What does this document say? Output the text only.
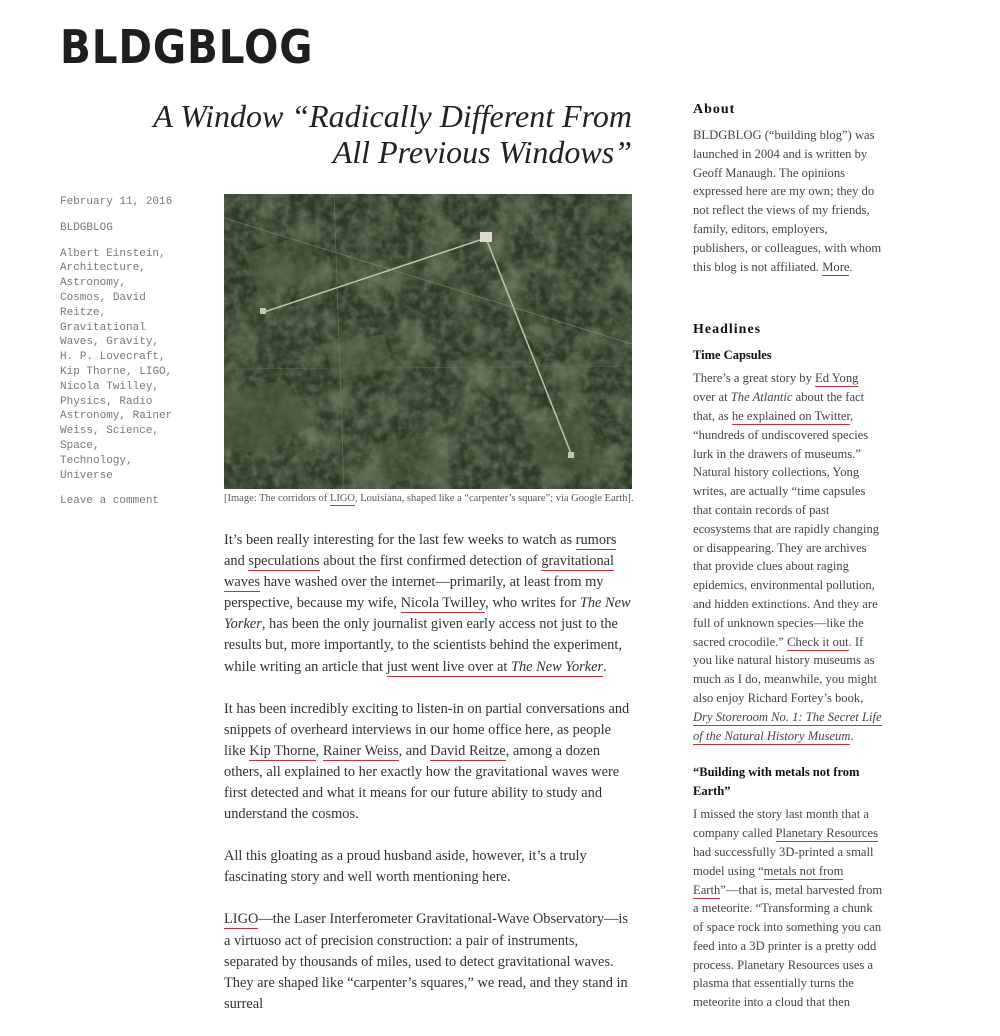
BLDGBLOG
A Window “Radically Different From
All Previous Windows”
February 11, 2016
BLDGBLOG
Albert Einstein, Architecture, Astronomy, Cosmos, David Reitze, Gravitational Waves, Gravity, H. P. Lovecraft, Kip Thorne, LIGO, Nicola Twilley, Physics, Radio Astronomy, Rainer Weiss, Science, Space, Technology, Universe
Leave a comment	[Image: The corridors of LIGO, Louisiana, shaped like a “carpenter’s square”; via Google Earth].

It’s been really interesting for the last few weeks to watch as rumors and speculations about the first confirmed detection of gravitational waves have washed over the internet—primarily, at least from my perspective, because my wife, Nicola Twilley, who writes for The New Yorker, has been the only journalist given early access not just to the results but, more importantly, to the scientists behind the experiment, while writing an article that just went live over at The New Yorker.

It has been incredibly exciting to listen-in on partial conversations and snippets of overheard interviews in our home office here, as people like Kip Thorne, Rainer Weiss, and David Reitze, among a dozen others, all explained to her exactly how the gravitational waves were first detected and what it means for our future ability to study and understand the cosmos.

All this gloating as a proud husband aside, however, it’s a truly fascinating story and well worth mentioning here.

LIGO—the Laser Interferometer Gravitational-Wave Observatory—is a virtuoso act of precision construction: a pair of instruments, separated by thousands of miles, used to detect gravitational waves. They are shaped like “carpenter’s squares,” we read, and they stand in surreal

About

BLDGBLOG (“building blog”) was launched in 2004 and is written by Geoff Manaugh. The opinions expressed here are my own; they do not reflect the views of my friends, family, editors, employers, publishers, or colleagues, with whom this blog is not affiliated. More.

Headlines
Time Capsules

There’s a great story by Ed Yong over at The Atlantic about the fact that, as he explained on Twitter, “hundreds of undiscovered species lurk in the drawers of museums.” Natural history collections, Yong writes, are actually “time capsules that contain records of past ecosystems that are rapidly changing or disappearing. They are archives that provide clues about raging epidemics, environmental pollution, and hidden extinctions. And they are full of unknown species—like the sacred crocodile.” Check it out. If you like natural history museums as much as I do, meanwhile, you might also enjoy Richard Fortey’s book, Dry Storeroom No. 1: The Secret Life of the Natural History Museum.

“Building with metals not from Earth”

I missed the story last month that a company called Planetary Resources had successfully 3D-printed a small model using “metals not from Earth”—that is, metal harvested from a meteorite. “Transforming a chunk of space rock into something you can feed into a 3D printer is a pretty odd process. Planetary Resources uses a plasma that essentially turns the meteorite into a cloud that then
